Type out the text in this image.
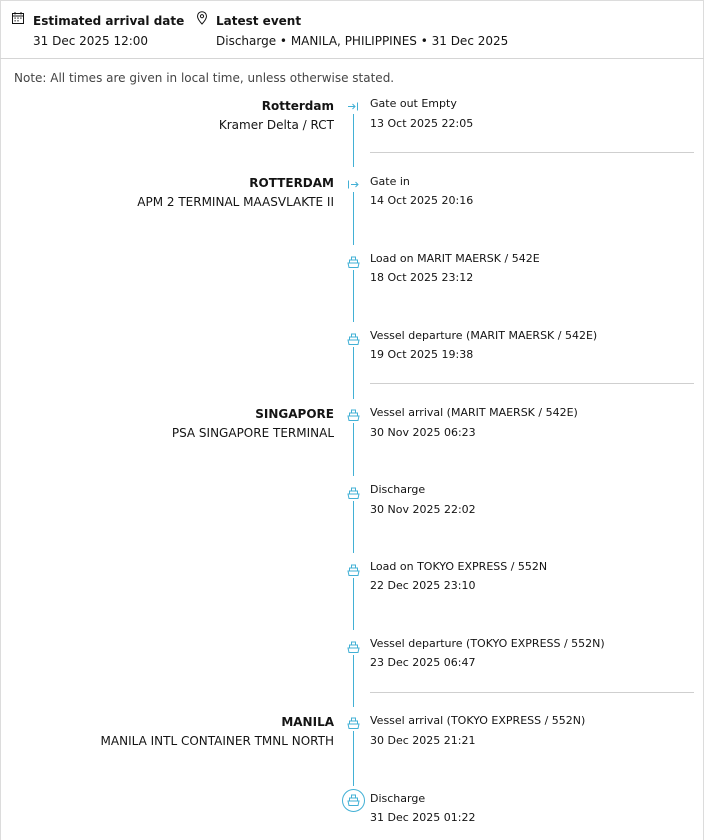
Estimated arrival date
31 Dec 2025 12:00
Latest event
Discharge • MANILA, PHILIPPINES • 31 Dec 2025
Note: All times are given in local time, unless otherwise stated.
Rotterdam
Kramer Delta / RCT
ROTTERDAM
APM 2 TERMINAL MAASVLAKTE II
SINGAPORE
PSA SINGAPORE TERMINAL
MANILA
MANILA INTL CONTAINER TMNL NORTH
Gate out Empty
13 Oct 2025 22:05
Gate in
14 Oct 2025 20:16
Load on MARIT MAERSK / 542E
18 Oct 2025 23:12
Vessel departure (MARIT MAERSK / 542E)
19 Oct 2025 19:38
Vessel arrival (MARIT MAERSK / 542E)
30 Nov 2025 06:23
Discharge
30 Nov 2025 22:02
Load on TOKYO EXPRESS / 552N
22 Dec 2025 23:10
Vessel departure (TOKYO EXPRESS / 552N)
23 Dec 2025 06:47
Vessel arrival (TOKYO EXPRESS / 552N)
30 Dec 2025 21:21
Discharge
31 Dec 2025 01:22
